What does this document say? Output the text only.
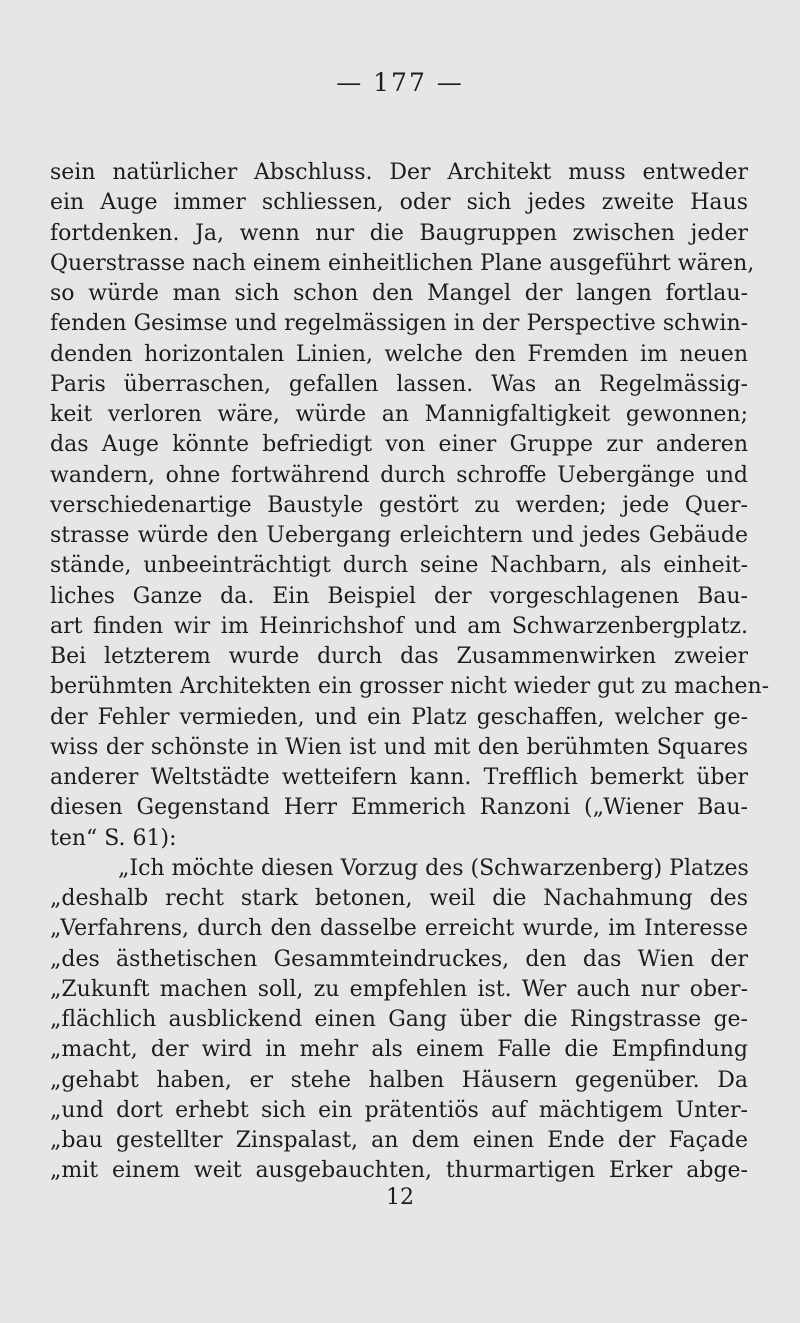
— 177 —
sein natürlicher Abschluss. Der Architekt muss entweder
ein Auge immer schliessen, oder sich jedes zweite Haus
fortdenken. Ja, wenn nur die Baugruppen zwischen jeder
Querstrasse nach einem einheitlichen Plane ausgeführt wären,
so würde man sich schon den Mangel der langen fortlau-
fenden Gesimse und regelmässigen in der Perspective schwin-
denden horizontalen Linien, welche den Fremden im neuen
Paris überraschen, gefallen lassen. Was an Regelmässig-
keit verloren wäre, würde an Mannigfaltigkeit gewonnen;
das Auge könnte befriedigt von einer Gruppe zur anderen
wandern, ohne fortwährend durch schroffe Uebergänge und
verschiedenartige Baustyle gestört zu werden; jede Quer-
strasse würde den Uebergang erleichtern und jedes Gebäude
stände, unbeeinträchtigt durch seine Nachbarn, als einheit-
liches Ganze da. Ein Beispiel der vorgeschlagenen Bau-
art finden wir im Heinrichshof und am Schwarzenbergplatz.
Bei letzterem wurde durch das Zusammenwirken zweier
berühmten Architekten ein grosser nicht wieder gut zu machen-
der Fehler vermieden, und ein Platz geschaffen, welcher ge-
wiss der schönste in Wien ist und mit den berühmten Squares
anderer Weltstädte wetteifern kann. Trefflich bemerkt über
diesen Gegenstand Herr Emmerich Ranzoni („Wiener Bau-
ten“ S. 61):
„Ich möchte diesen Vorzug des (Schwarzenberg) Platzes
„deshalb recht stark betonen, weil die Nachahmung des
„Verfahrens, durch den dasselbe erreicht wurde, im Interesse
„des ästhetischen Gesammteindruckes, den das Wien der
„Zukunft machen soll, zu empfehlen ist. Wer auch nur ober-
„flächlich ausblickend einen Gang über die Ringstrasse ge-
„macht, der wird in mehr als einem Falle die Empfindung
„gehabt haben, er stehe halben Häusern gegenüber. Da
„und dort erhebt sich ein prätentiös auf mächtigem Unter-
„bau gestellter Zinspalast, an dem einen Ende der Façade
„mit einem weit ausgebauchten, thurmartigen Erker abge-
12
